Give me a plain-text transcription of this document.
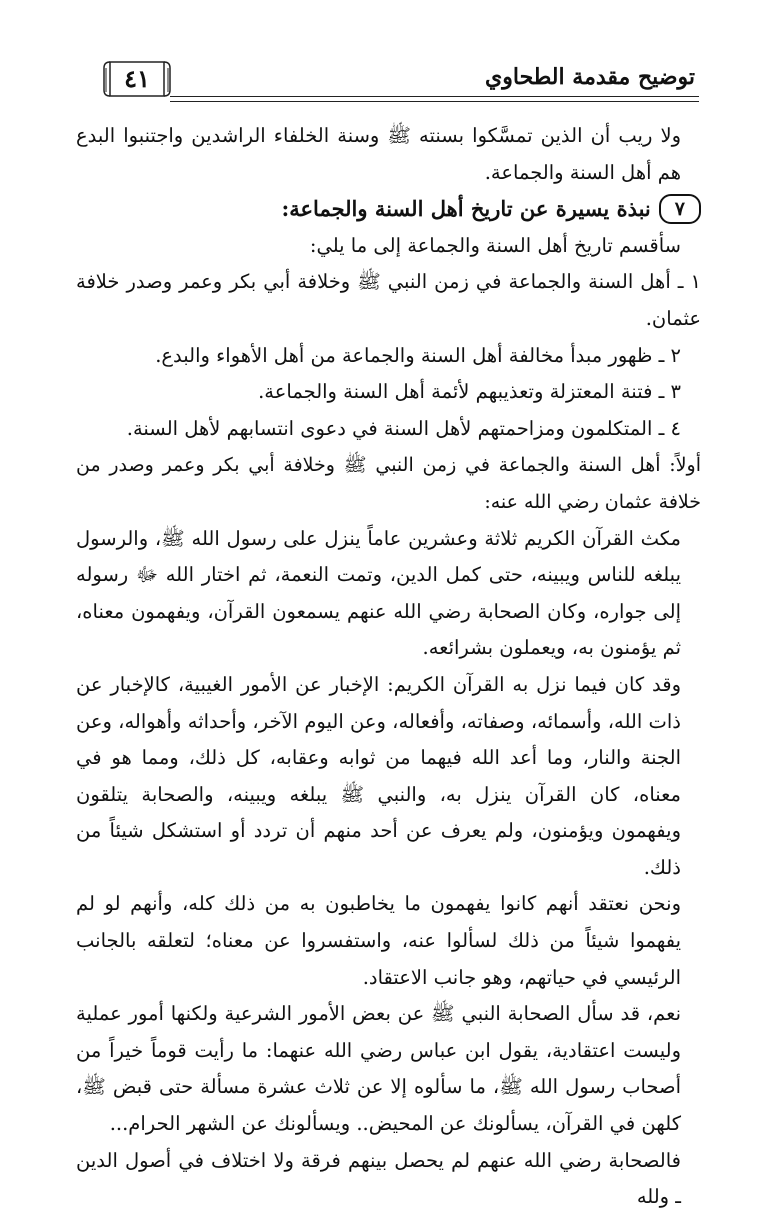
توضيح مقدمة الطحاوي
٤١

ولا ريب أن الذين تمسَّكوا بسنته ﷺ وسنة الخلفاء الراشدين واجتنبوا البدع هم أهل السنة والجماعة.

٧
نبذة يسيرة عن تاريخ أهل السنة والجماعة:

سأقسم تاريخ أهل السنة والجماعة إلى ما يلي:

١ ـ أهل السنة والجماعة في زمن النبي ﷺ وخلافة أبي بكر وعمر وصدر خلافة عثمان.

٢ ـ ظهور مبدأ مخالفة أهل السنة والجماعة من أهل الأهواء والبدع.

٣ ـ فتنة المعتزلة وتعذيبهم لأئمة أهل السنة والجماعة.

٤ ـ المتكلمون ومزاحمتهم لأهل السنة في دعوى انتسابهم لأهل السنة.

أولاً: أهل السنة والجماعة في زمن النبي ﷺ وخلافة أبي بكر وعمر وصدر من خلافة عثمان رضي الله عنه:

مكث القرآن الكريم ثلاثة وعشرين عاماً ينزل على رسول الله ﷺ، والرسول يبلغه للناس ويبينه، حتى كمل الدين، وتمت النعمة، ثم اختار الله ﷻ رسوله إلى جواره، وكان الصحابة رضي الله عنهم يسمعون القرآن، ويفهمون معناه، ثم يؤمنون به، ويعملون بشرائعه.

وقد كان فيما نزل به القرآن الكريم: الإخبار عن الأمور الغيبية، كالإخبار عن ذات الله، وأسمائه، وصفاته، وأفعاله، وعن اليوم الآخر، وأحداثه وأهواله، وعن الجنة والنار، وما أعد الله فيهما من ثوابه وعقابه، كل ذلك، ومما هو في معناه، كان القرآن ينزل به، والنبي ﷺ يبلغه ويبينه، والصحابة يتلقون ويفهمون ويؤمنون، ولم يعرف عن أحد منهم أن تردد أو استشكل شيئاً من ذلك.

ونحن نعتقد أنهم كانوا يفهمون ما يخاطبون به من ذلك كله، وأنهم لو لم يفهموا شيئاً من ذلك لسألوا عنه، واستفسروا عن معناه؛ لتعلقه بالجانب الرئيسي في حياتهم، وهو جانب الاعتقاد.

نعم، قد سأل الصحابة النبي ﷺ عن بعض الأمور الشرعية ولكنها أمور عملية وليست اعتقادية، يقول ابن عباس رضي الله عنهما: ما رأيت قوماً خيراً من أصحاب رسول الله ﷺ، ما سألوه إلا عن ثلاث عشرة مسألة حتى قبض ﷺ، كلهن في القرآن، يسألونك عن المحيض.. ويسألونك عن الشهر الحرام...

فالصحابة رضي الله عنهم لم يحصل بينهم فرقة ولا اختلاف في أصول الدين ـ ولله
